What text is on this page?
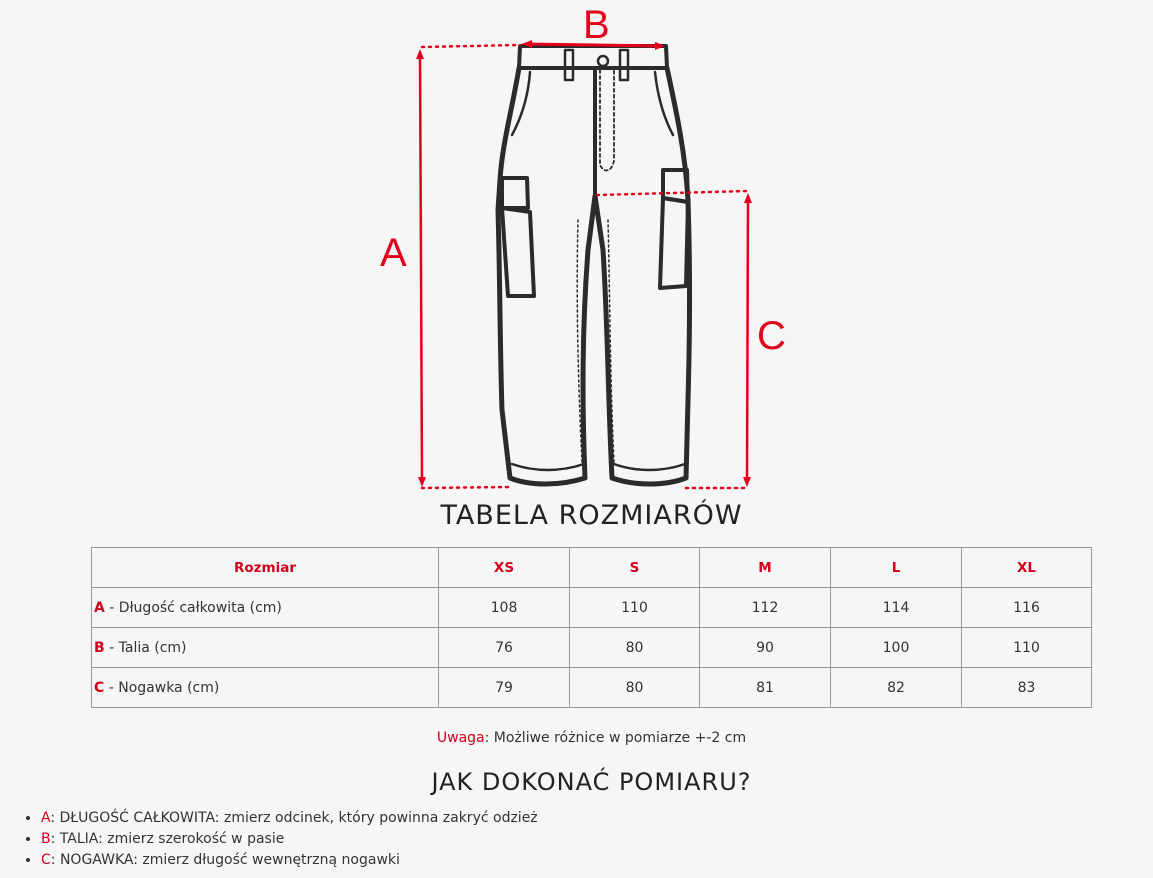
A
B
C
TABELA ROZMIARÓW
Rozmiar	XS	S	M	L	XL
A - Długość całkowita (cm)	108	110	112	114	116
B - Talia (cm)	76	80	90	100	110
C - Nogawka (cm)	79	80	81	82	83
Uwaga: Możliwe różnice w pomiarze +-2 cm
JAK DOKONAĆ POMIARU?
• A: DŁUGOŚĆ CAŁKOWITA: zmierz odcinek, który powinna zakryć odzież
• B: TALIA: zmierz szerokość w pasie
• C: NOGAWKA: zmierz długość wewnętrzną nogawki
